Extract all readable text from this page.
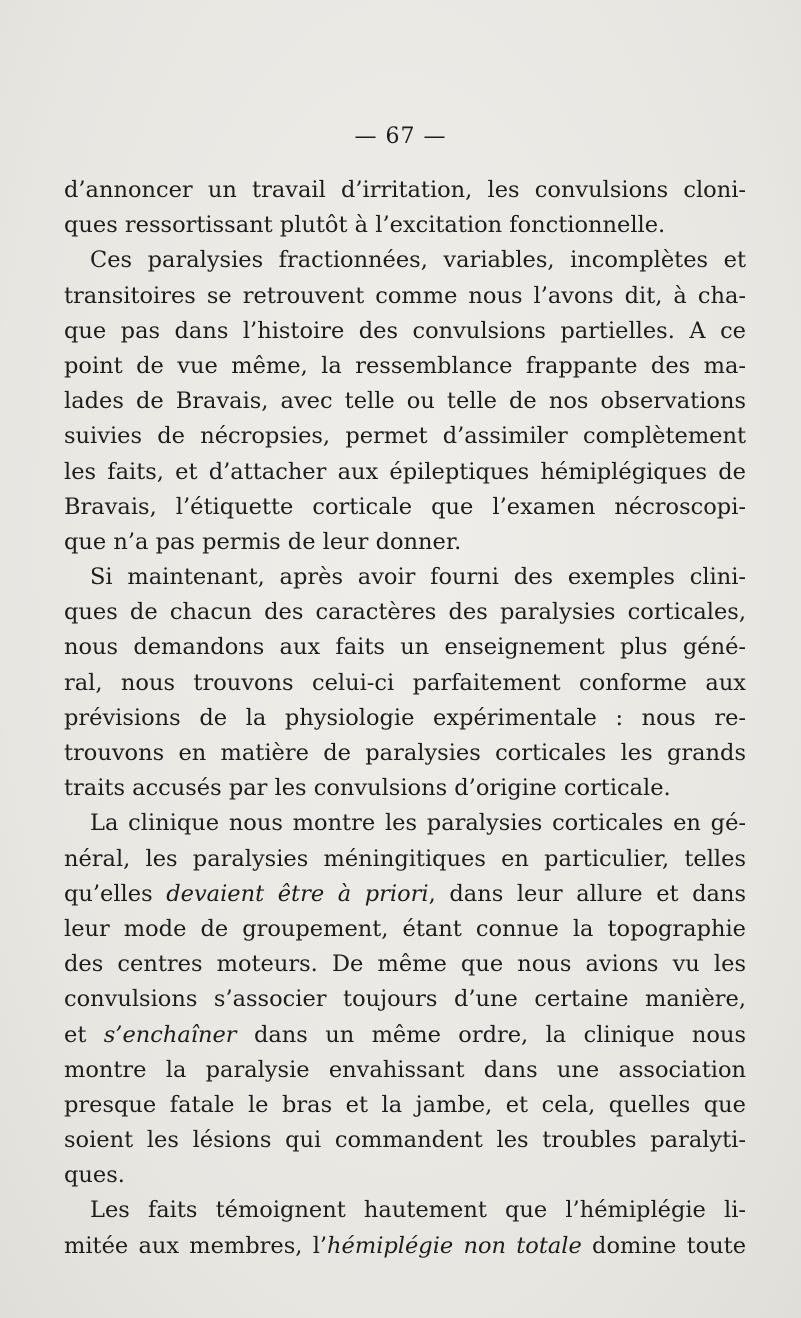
— 67 —
d’annoncer un travail d’irritation, les convulsions cloni-
ques ressortissant plutôt à l’excitation fonctionnelle.
Ces paralysies fractionnées, variables, incomplètes et
transitoires se retrouvent comme nous l’avons dit, à cha-
que pas dans l’histoire des convulsions partielles. A ce
point de vue même, la ressemblance frappante des ma-
lades de Bravais, avec telle ou telle de nos observations
suivies de nécropsies, permet d’assimiler complètement
les faits, et d’attacher aux épileptiques hémiplégiques de
Bravais, l’étiquette corticale que l’examen nécroscopi-
que n’a pas permis de leur donner.
Si maintenant, après avoir fourni des exemples clini-
ques de chacun des caractères des paralysies corticales,
nous demandons aux faits un enseignement plus géné-
ral, nous trouvons celui-ci parfaitement conforme aux
prévisions de la physiologie expérimentale : nous re-
trouvons en matière de paralysies corticales les grands
traits accusés par les convulsions d’origine corticale.
La clinique nous montre les paralysies corticales en gé-
néral, les paralysies méningitiques en particulier, telles
qu’elles devaient être à priori, dans leur allure et dans
leur mode de groupement, étant connue la topographie
des centres moteurs. De même que nous avions vu les
convulsions s’associer toujours d’une certaine manière,
et s’enchaîner dans un même ordre, la clinique nous
montre la paralysie envahissant dans une association
presque fatale le bras et la jambe, et cela, quelles que
soient les lésions qui commandent les troubles paralyti-
ques.
Les faits témoignent hautement que l’hémiplégie li-
mitée aux membres, l’hémiplégie non totale domine toute
